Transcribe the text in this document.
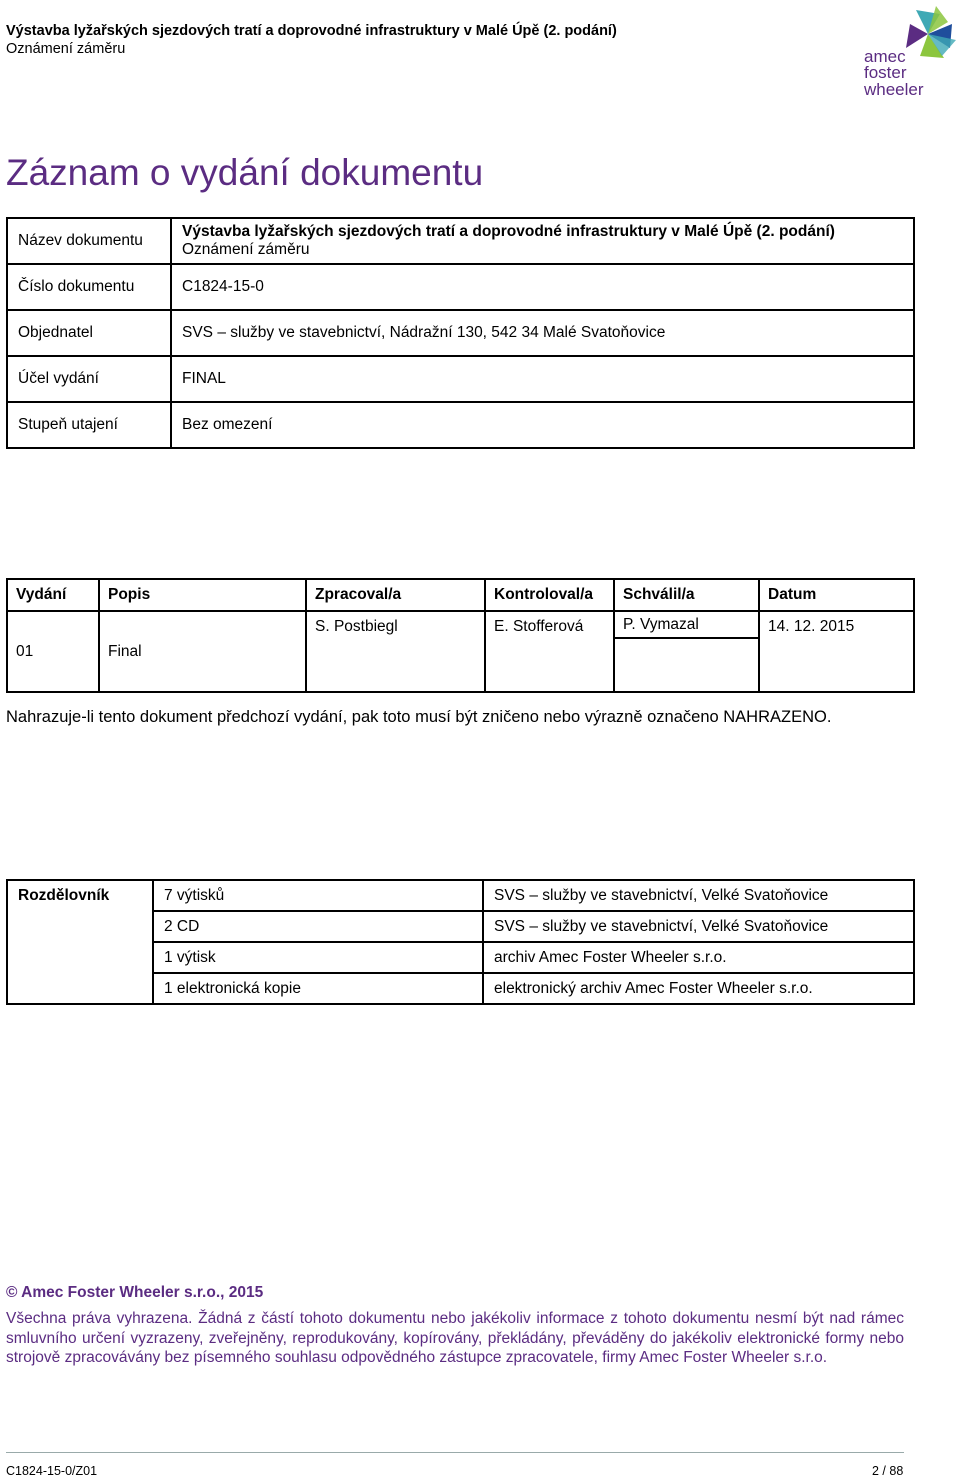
Výstavba lyžařských sjezdových tratí a doprovodné infrastruktury v Malé Úpě (2. podání)
Oznámení záměru	amec
foster
wheeler
Záznam o vydání dokumentu
Název dokumentu	Výstavba lyžařských sjezdových tratí a doprovodné infrastruktury v Malé Úpě (2. podání)
Oznámení záměru

Číslo dokumentu	C1824-15-0
Objednatel	SVS – služby ve stavebnictví, Nádražní 130, 542 34 Malé Svatoňovice
Účel vydání	FINAL
Stupeň utajení	Bez omezení
Vydání	Popis	Zpracoval/a	Kontroloval/a	Schválil/a	Datum
01	Final	S. Postbiegl	E. Stofferová	P. Vymazal	14. 12. 2015

Nahrazuje-li tento dokument předchozí vydání, pak toto musí být zničeno nebo výrazně označeno NAHRAZENO.
Rozdělovník	7 výtisků	SVS – služby ve stavebnictví, Velké Svatoňovice
	2 CD	SVS – služby ve stavebnictví, Velké Svatoňovice
	1 výtisk	archiv Amec Foster Wheeler s.r.o.
	1 elektronická kopie	elektronický archiv Amec Foster Wheeler s.r.o.
© Amec Foster Wheeler s.r.o., 2015
Všechna práva vyhrazena. Žádná z částí tohoto dokumentu nebo jakékoliv informace z tohoto dokumentu nesmí být nad rámec smluvního určení vyzrazeny, zveřejněny, reprodukovány, kopírovány, překládány, převáděny do jakékoliv elektronické formy nebo strojově zpracovávány bez písemného souhlasu odpovědného zástupce zpracovatele, firmy Amec Foster Wheeler s.r.o.
C1824-15-0/Z01	2 / 88
